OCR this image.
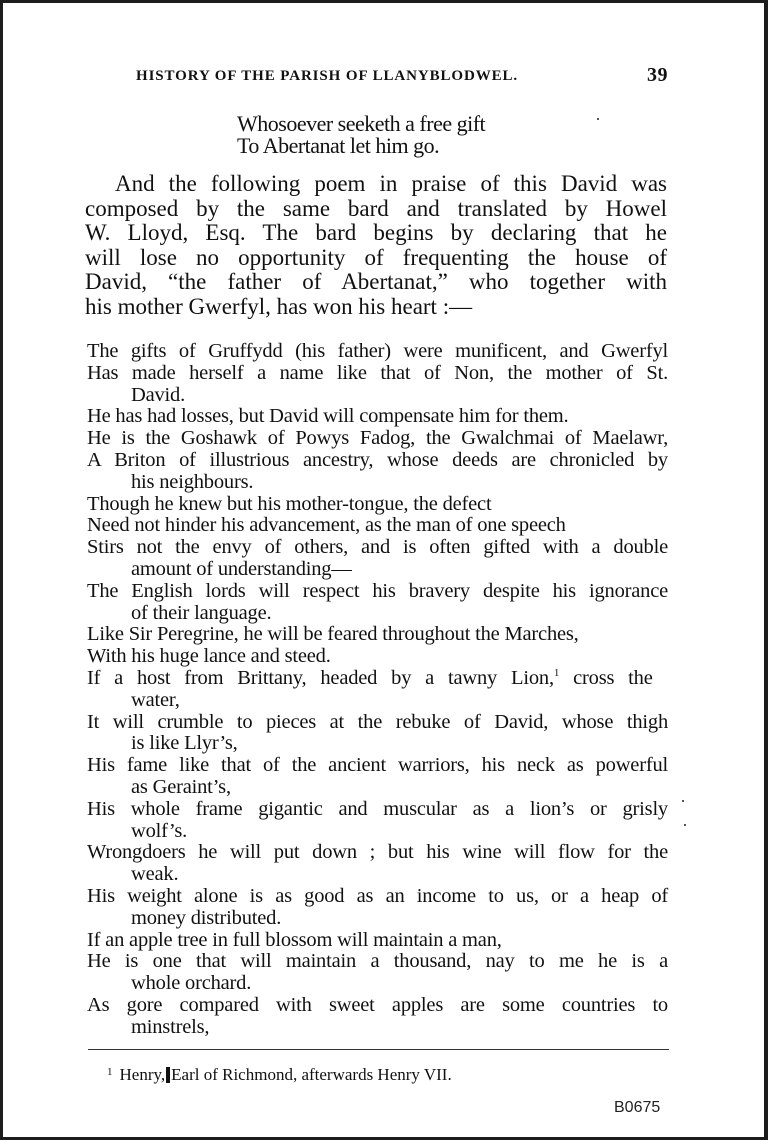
HISTORY OF THE PARISH OF LLANYBLODWEL.	39
Whosoever seeketh a free gift
To Abertanat let him go.
And the following poem in praise of this David was
composed by the same bard and translated by Howel
W. Lloyd, Esq. The bard begins by declaring that he
will lose no opportunity of frequenting the house of
David, “the father of Abertanat,” who together with
his mother Gwerfyl, has won his heart :—
The gifts of Gruffydd (his father) were munificent, and Gwerfyl
Has made herself a name like that of Non, the mother of St.
David.
He has had losses, but David will compensate him for them.
He is the Goshawk of Powys Fadog, the Gwalchmai of Maelawr,
A Briton of illustrious ancestry, whose deeds are chronicled by
his neighbours.
Though he knew but his mother-tongue, the defect
Need not hinder his advancement, as the man of one speech
Stirs not the envy of others, and is often gifted with a double
amount of understanding—
The English lords will respect his bravery despite his ignorance
of their language.
Like Sir Peregrine, he will be feared throughout the Marches,
With his huge lance and steed.
If a host from Brittany, headed by a tawny Lion,$^1$ cross the
water,
It will crumble to pieces at the rebuke of David, whose thigh
is like Llyr’s,
His fame like that of the ancient warriors, his neck as powerful
as Geraint’s,
His whole frame gigantic and muscular as a lion’s or grisly
wolf’s.
Wrongdoers he will put down ; but his wine will flow for the
weak.
His weight alone is as good as an income to us, or a heap of
money distributed.
If an apple tree in full blossom will maintain a man,
He is one that will maintain a thousand, nay to me he is a
whole orchard.
As gore compared with sweet apples are some countries to
minstrels,
$^1$ Henry, Earl of Richmond, afterwards Henry VII.
B0675
